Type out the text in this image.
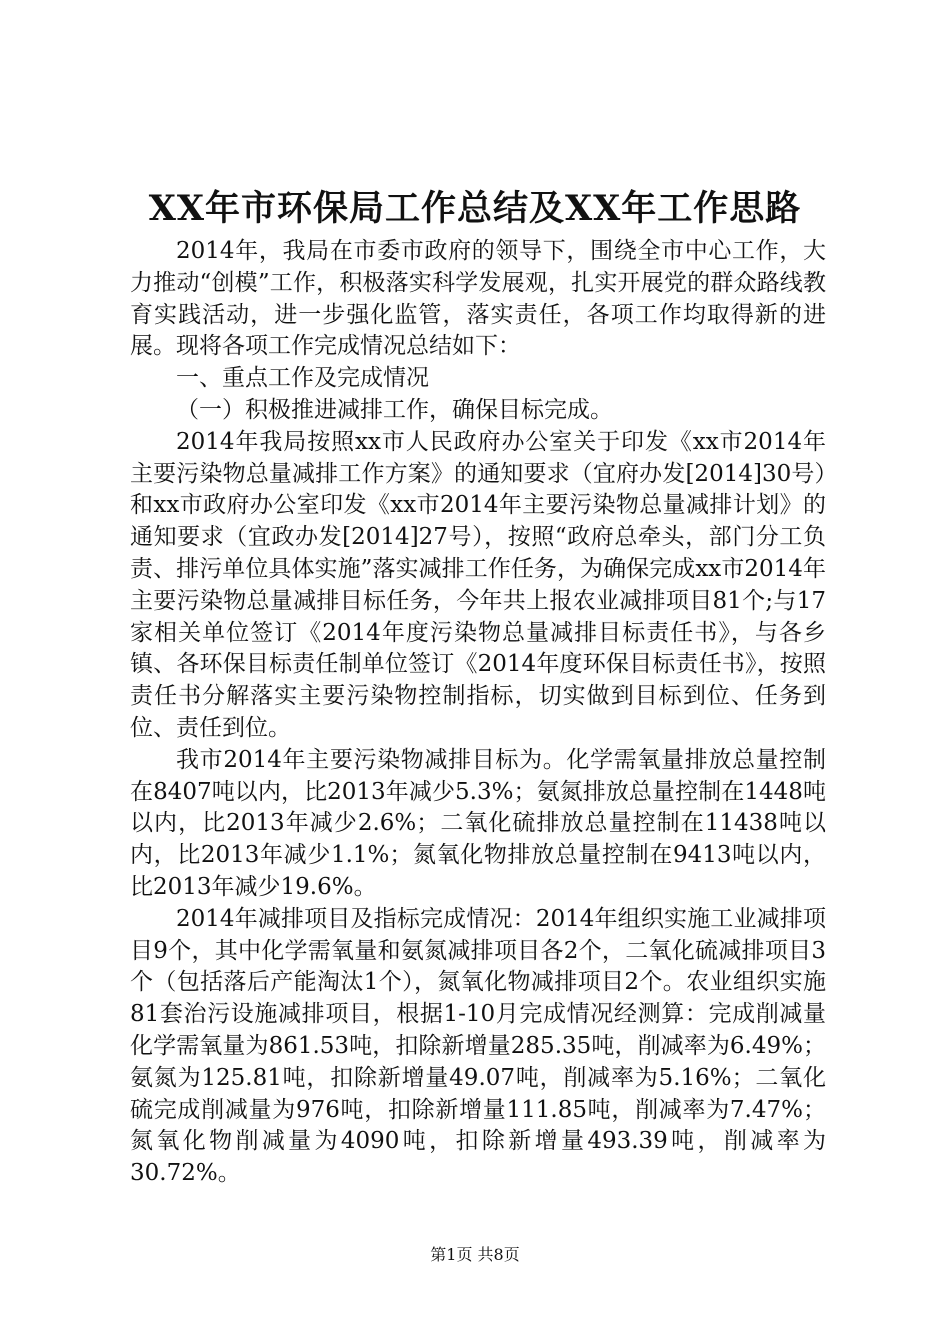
XX年市环保局工作总结及XX年工作思路

2014年，我局在市委市政府的领导下，围绕全市中心工作，大力推动“创模”工作，积极落实科学发展观，扎实开展党的群众路线教育实践活动，进一步强化监管，落实责任，各项工作均取得新的进展。现将各项工作完成情况总结如下：

一、重点工作及完成情况

（一）积极推进减排工作，确保目标完成。

2014年我局按照xx市人民政府办公室关于印发《xx市2014年主要污染物总量减排工作方案》的通知要求（宜府办发[2014]30号）和xx市政府办公室印发《xx市2014年主要污染物总量减排计划》的通知要求（宜政办发[2014]27号），按照“政府总牵头，部门分工负责、排污单位具体实施”落实减排工作任务，为确保完成xx市2014年主要污染物总量减排目标任务，今年共上报农业减排项目81个;与17家相关单位签订《2014年度污染物总量减排目标责任书》，与各乡镇、各环保目标责任制单位签订《2014年度环保目标责任书》，按照责任书分解落实主要污染物控制指标，切实做到目标到位、任务到位、责任到位。

我市2014年主要污染物减排目标为。化学需氧量排放总量控制在8407吨以内，比2013年减少5.3%；氨氮排放总量控制在1448吨以内，比2013年减少2.6%；二氧化硫排放总量控制在11438吨以内，比2013年减少1.1%；氮氧化物排放总量控制在9413吨以内，比2013年减少19.6%。

2014年减排项目及指标完成情况：2014年组织实施工业减排项目9个，其中化学需氧量和氨氮减排项目各2个，二氧化硫减排项目3个（包括落后产能淘汰1个），氮氧化物减排项目2个。农业组织实施81套治污设施减排项目，根据1-10月完成情况经测算：完成削减量化学需氧量为861.53吨，扣除新增量285.35吨，削减率为6.49%；氨氮为125.81吨，扣除新增量49.07吨，削减率为5.16%；二氧化硫完成削减量为976吨，扣除新增量111.85吨，削减率为7.47%；氮氧化物削减量为4090吨，扣除新增量493.39吨，削减率为30.72%。

第1页 共8页
